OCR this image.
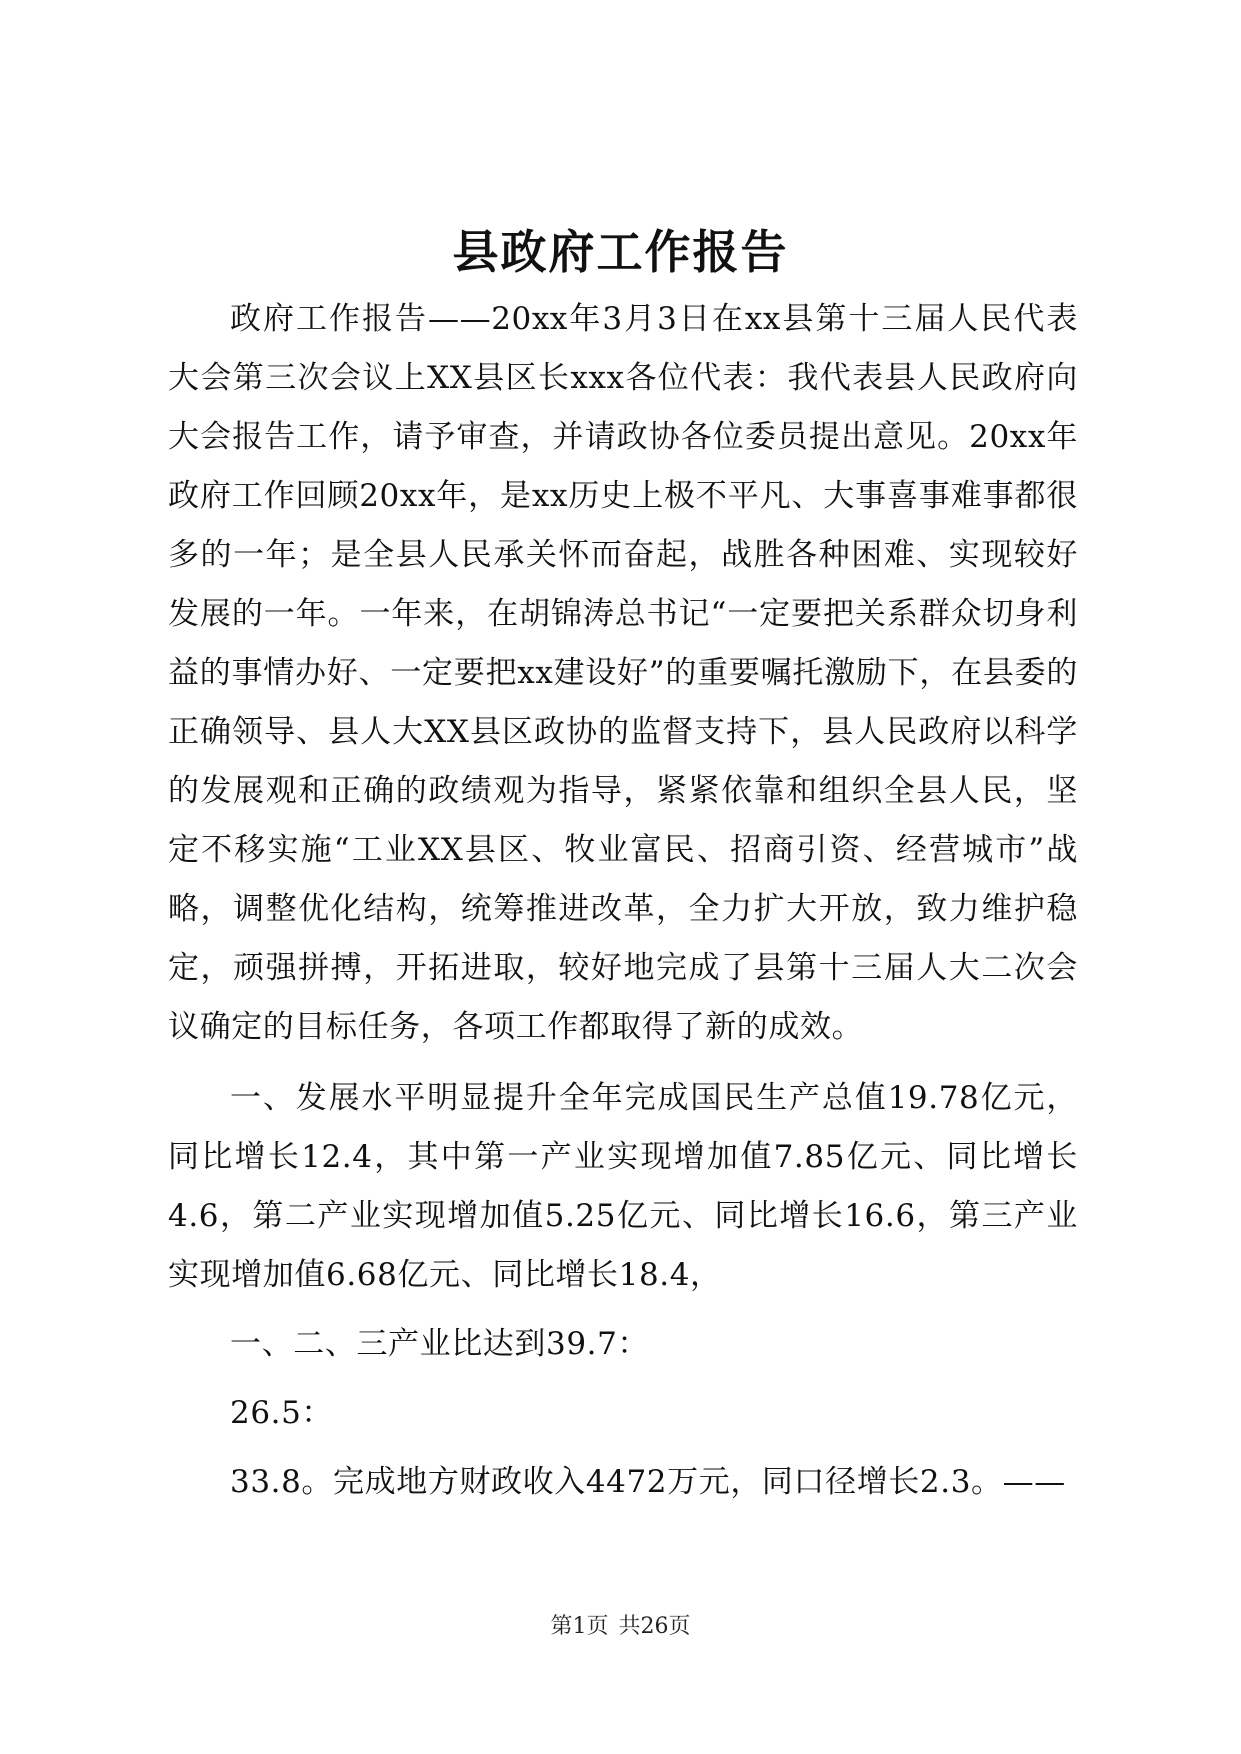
县政府工作报告

政府工作报告——20xx年3月3日在xx县第十三届人民代表大会第三次会议上XX县区长xxx各位代表：我代表县人民政府向大会报告工作，请予审查，并请政协各位委员提出意见。20xx年政府工作回顾20xx年，是xx历史上极不平凡、大事喜事难事都很多的一年；是全县人民承关怀而奋起，战胜各种困难、实现较好发展的一年。一年来，在胡锦涛总书记“一定要把关系群众切身利益的事情办好、一定要把xx建设好”的重要嘱托激励下，在县委的正确领导、县人大XX县区政协的监督支持下，县人民政府以科学的发展观和正确的政绩观为指导，紧紧依靠和组织全县人民，坚定不移实施“工业XX县区、牧业富民、招商引资、经营城市”战略，调整优化结构，统筹推进改革，全力扩大开放，致力维护稳定，顽强拼搏，开拓进取，较好地完成了县第十三届人大二次会议确定的目标任务，各项工作都取得了新的成效。

一、发展水平明显提升全年完成国民生产总值19.78亿元，同比增长12.4，其中第一产业实现增加值7.85亿元、同比增长4.6，第二产业实现增加值5.25亿元、同比增长16.6，第三产业实现增加值6.68亿元、同比增长18.4，

一、二、三产业比达到39.7：

26.5：

33.8。完成地方财政收入4472万元，同口径增长2.3。——

第1页 共26页
